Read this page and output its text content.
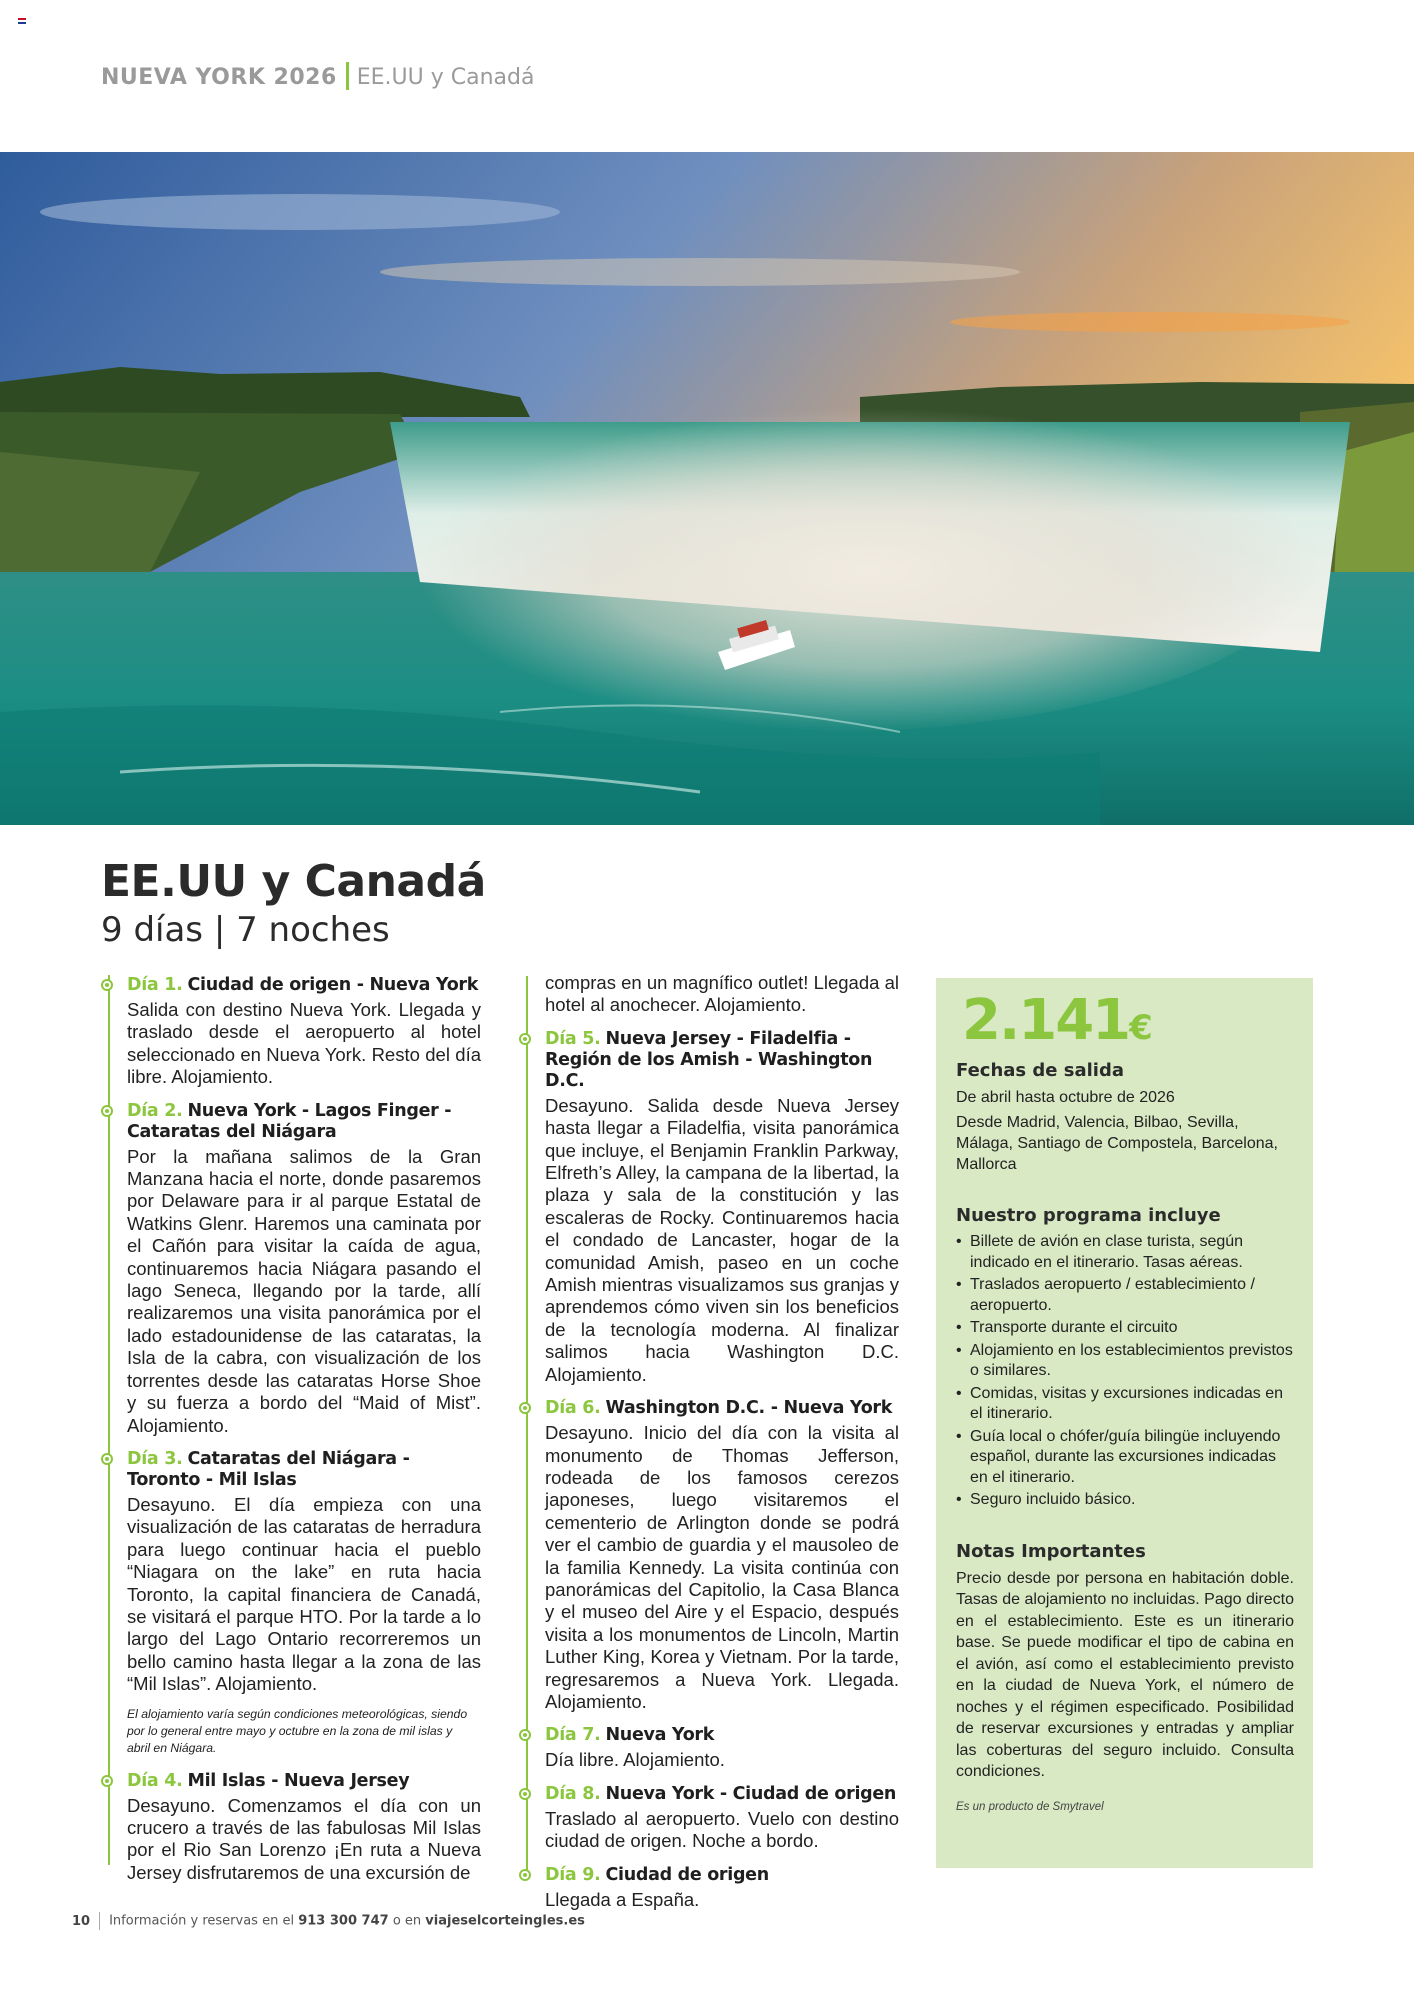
NUEVA YORK 2026 EE.UU y Canadá
EE.UU y Canadá
9 días | 7 noches
Día 1. Ciudad de origen - Nueva York
Salida con destino Nueva York. Llegada y traslado desde el aeropuerto al hotel seleccionado en Nueva York. Resto del día libre. Alojamiento.
Día 2. Nueva York - Lagos Finger - Cataratas del Niágara
Por la mañana salimos de la Gran Manzana hacia el norte, donde pasaremos por Delaware para ir al parque Estatal de Watkins Glenr. Haremos una caminata por el Cañón para visitar la caída de agua, continuaremos hacia Niágara pasando el lago Seneca, llegando por la tarde, allí realizaremos una visita panorámica por el lado estadounidense de las cataratas, la Isla de la cabra, con visualización de los torrentes desde las cataratas Horse Shoe y su fuerza a bordo del “Maid of Mist”. Alojamiento.
Día 3. Cataratas del Niágara - Toronto - Mil Islas
Desayuno. El día empieza con una visualización de las cataratas de herradura para luego continuar hacia el pueblo “Niagara on the lake” en ruta hacia Toronto, la capital financiera de Canadá, se visitará el parque HTO. Por la tarde a lo largo del Lago Ontario recorreremos un bello camino hasta llegar a la zona de las “Mil Islas”. Alojamiento.
El alojamiento varía según condiciones meteorológicas, siendo por lo general entre mayo y octubre en la zona de mil islas y abril en Niágara.
Día 4. Mil Islas - Nueva Jersey
Desayuno. Comenzamos el día con un crucero a través de las fabulosas Mil Islas por el Rio San Lorenzo ¡En ruta a Nueva Jersey disfrutaremos de una excursión de
compras en un magnífico outlet! Llegada al hotel al anochecer. Alojamiento.
Día 5. Nueva Jersey - Filadelfia - Región de los Amish - Washington D.C.
Desayuno. Salida desde Nueva Jersey hasta llegar a Filadelfia, visita panorámica que incluye, el Benjamin Franklin Parkway, Elfreth’s Alley, la campana de la libertad, la plaza y sala de la constitución y las escaleras de Rocky. Continuaremos hacia el condado de Lancaster, hogar de la comunidad Amish, paseo en un coche Amish mientras visualizamos sus granjas y aprendemos cómo viven sin los beneficios de la tecnología moderna. Al finalizar salimos hacia Washington D.C. Alojamiento.
Día 6. Washington D.C. - Nueva York
Desayuno. Inicio del día con la visita al monumento de Thomas Jefferson, rodeada de los famosos cerezos japoneses, luego visitaremos el cementerio de Arlington donde se podrá ver el cambio de guardia y el mausoleo de la familia Kennedy. La visita continúa con panorámicas del Capitolio, la Casa Blanca y el museo del Aire y el Espacio, después visita a los monumentos de Lincoln, Martin Luther King, Korea y Vietnam. Por la tarde, regresaremos a Nueva York. Llegada. Alojamiento.
Día 7. Nueva York
Día libre. Alojamiento.
Día 8. Nueva York - Ciudad de origen
Traslado al aeropuerto. Vuelo con destino ciudad de origen. Noche a bordo.
Día 9. Ciudad de origen
Llegada a España.
2.141€
Fechas de salida
De abril hasta octubre de 2026
Desde Madrid, Valencia, Bilbao, Sevilla, Málaga, Santiago de Compostela, Barcelona, Mallorca
Nuestro programa incluye
• Billete de avión en clase turista, según indicado en el itinerario. Tasas aéreas.
• Traslados aeropuerto / establecimiento / aeropuerto.
• Transporte durante el circuito
• Alojamiento en los establecimientos previstos o similares.
• Comidas, visitas y excursiones indicadas en el itinerario.
• Guía local o chófer/guía bilingüe incluyendo español, durante las excursiones indicadas en el itinerario.
• Seguro incluido básico.
Notas Importantes
Precio desde por persona en habitación doble. Tasas de alojamiento no incluidas. Pago directo en el establecimiento. Este es un itinerario base. Se puede modificar el tipo de cabina en el avión, así como el establecimiento previsto en la ciudad de Nueva York, el número de noches y el régimen especificado. Posibilidad de reservar excursiones y entradas y ampliar las coberturas del seguro incluido. Consulta condiciones.
Es un producto de Smytravel
10 Información y reservas en el 913 300 747 o en viajeselcorteingles.es
